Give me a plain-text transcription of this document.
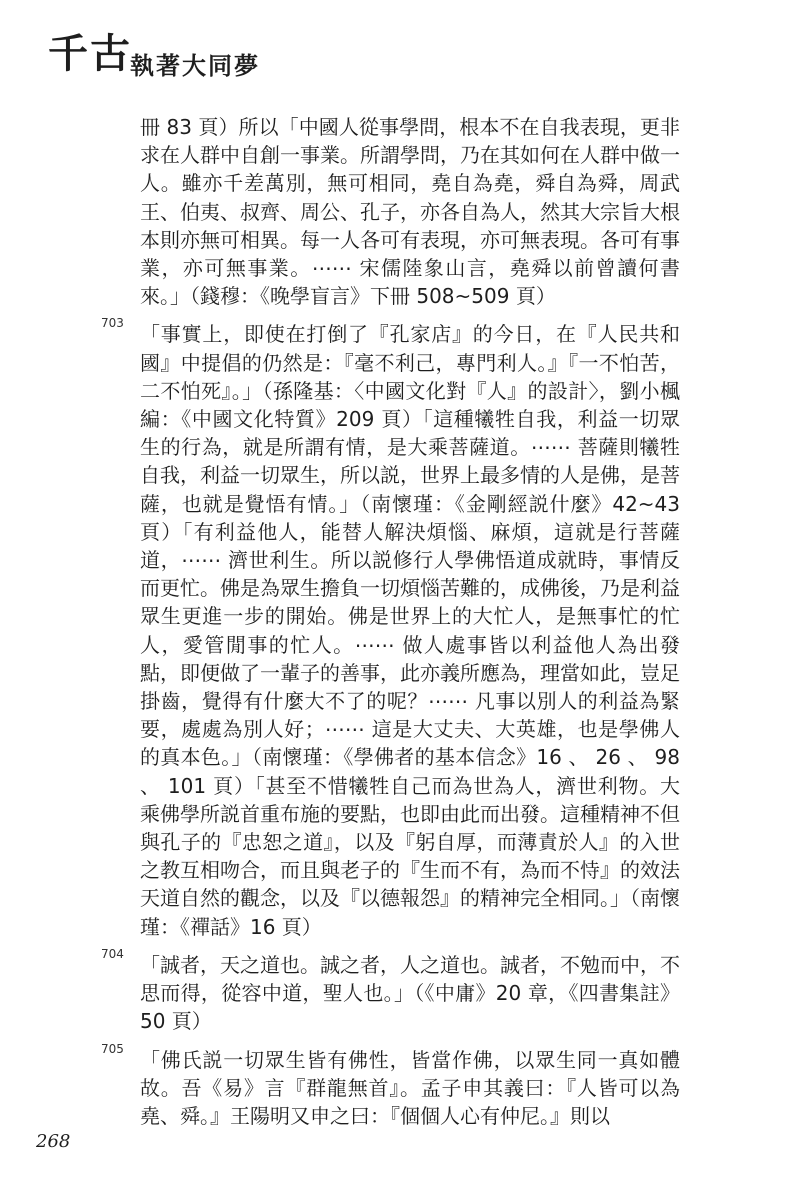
千古
執著大同夢

冊 83 頁）所以「中國人從事學問，根本不在自我表現，更非求在人群中自創一事業。所謂學問，乃在其如何在人群中做一人。雖亦千差萬別，無可相同，堯自為堯，舜自為舜，周武王、伯夷、叔齊、周公、孔子，亦各自為人，然其大宗旨大根本則亦無可相異。每一人各可有表現，亦可無表現。各可有事業，亦可無事業。⋯⋯ 宋儒陸象山言，堯舜以前曾讀何書來。」（錢穆：《晚學盲言》下冊 508~509 頁）

703 「事實上，即使在打倒了『孔家店』的今日，在『人民共和國』中提倡的仍然是：『毫不利己，專門利人。』『一不怕苦，二不怕死』。」（孫隆基：〈中國文化對『人』的設計〉，劉小楓編：《中國文化特質》209 頁）「這種犧牲自我，利益一切眾生的行為，就是所謂有情，是大乘菩薩道。⋯⋯ 菩薩則犧牲自我，利益一切眾生，所以説，世界上最多情的人是佛，是菩薩，也就是覺悟有情。」（南懷瑾：《金剛經説什麼》42~43 頁）「有利益他人，能替人解決煩惱、麻煩，這就是行菩薩道，⋯⋯ 濟世利生。所以説修行人學佛悟道成就時，事情反而更忙。佛是為眾生擔負一切煩惱苦難的，成佛後，乃是利益眾生更進一步的開始。佛是世界上的大忙人，是無事忙的忙人，愛管閒事的忙人。⋯⋯ 做人處事皆以利益他人為出發點，即便做了一輩子的善事，此亦義所應為，理當如此，豈足掛齒，覺得有什麼大不了的呢？⋯⋯ 凡事以別人的利益為緊要，處處為別人好；⋯⋯ 這是大丈夫、大英雄，也是學佛人的真本色。」（南懷瑾：《學佛者的基本信念》16 、 26 、 98 、 101 頁）「甚至不惜犧牲自己而為世為人，濟世利物。大乘佛學所説首重布施的要點，也即由此而出發。這種精神不但與孔子的『忠恕之道』，以及『躬自厚，而薄責於人』的入世之教互相吻合，而且與老子的『生而不有，為而不恃』的效法天道自然的觀念，以及『以德報怨』的精神完全相同。」（南懷瑾：《禪話》16 頁）

704 「誠者，天之道也。誠之者，人之道也。誠者，不勉而中，不思而得，從容中道，聖人也。」（《中庸》20 章，《四書集註》50 頁）

705 「佛氏説一切眾生皆有佛性，皆當作佛，以眾生同一真如體故。吾《易》言『群龍無首』。孟子申其義曰：『人皆可以為堯、舜。』王陽明又申之曰：『個個人心有仲尼。』則以

268
